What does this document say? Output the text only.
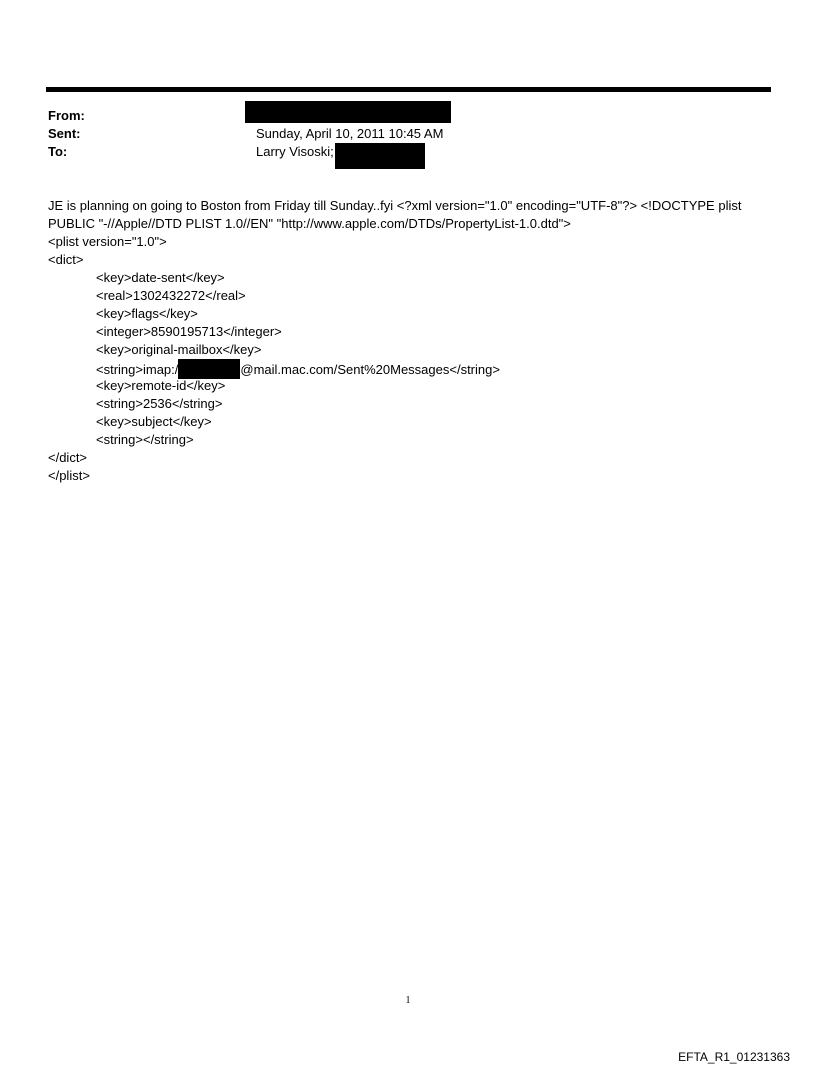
From:
Sent:
To:
Sunday, April 10, 2011 10:45 AM
Larry Visoski;
JE is planning on going to Boston from Friday till Sunday..fyi <?xml version="1.0" encoding="UTF-8"?> <!DOCTYPE plist PUBLIC "-//Apple//DTD PLIST 1.0//EN" "http://www.apple.com/DTDs/PropertyList-1.0.dtd">
<plist version="1.0">
<dict>
<key>date-sent</key>
<real>1302432272</real>
<key>flags</key>
<integer>8590195713</integer>
<key>original-mailbox</key>
<string>imap:/	@mail.mac.com/Sent%20Messages</string>
<key>remote-id</key>
<string>2536</string>
<key>subject</key>
<string></string>
</dict>
</plist>
1
EFTA_R1_01231363
